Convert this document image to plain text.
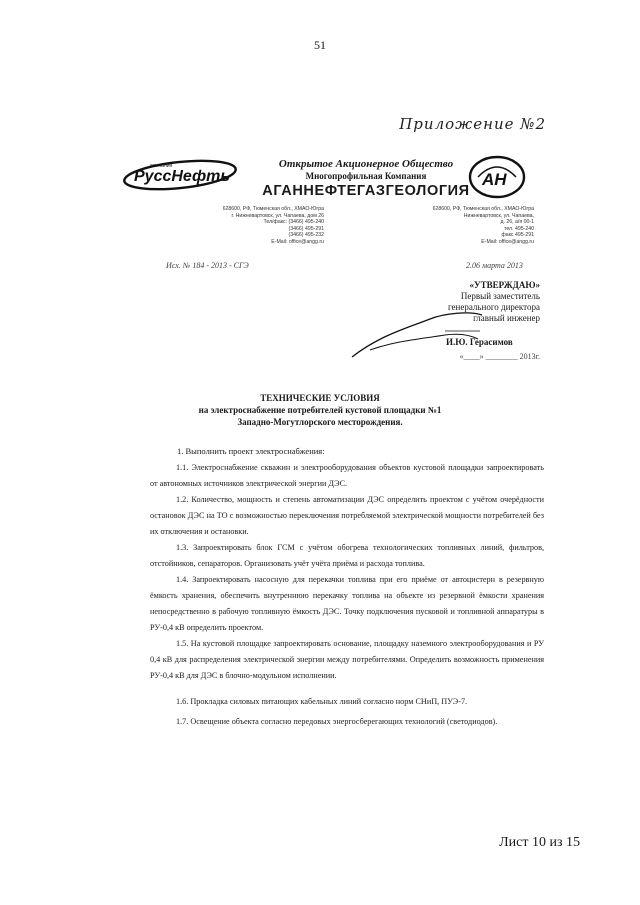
51
Приложение №2
компания
РуссНефть
Открытое Акционерное Общество
Многопрофильная Компания
АГАННЕФТЕГАЗГЕОЛОГИЯ
АН
628600, РФ, Тюменская обл., ХМАО-Югра
г. Нижневартовск, ул. Чапаева, дом 26
Тел/факс: (3466) 495-240
(3466) 495-291
(3466) 495-232
E-Mail: office@angg.ru
628600, РФ, Тюменская обл., ХМАО-Югра
Нижневартовск, ул. Чапаева,
д. 26, а/я 00-1
тел. 495-240
факс 495-291
E-Mail: office@angg.ru
Исх. № 184 - 2013 - СГЭ	2.06 марта 2013
«УТВЕРЖДАЮ»
Первый заместитель
генерального директора
главный инженер
И.Ю. Герасимов
«____» ________ 2013г.
ТЕХНИЧЕСКИЕ УСЛОВИЯ
на электроснабжение потребителей кустовой площадки №1
Западно-Могутлорского месторождения.
1. Выполнить проект электроснабжения:
1.1. Электроснабжение скважин и электрооборудования объектов кустовой площадки запроектировать от автономных источников электрической энергии ДЭС.
1.2. Количество, мощность и степень автоматизации ДЭС определить проектом с учётом очерёдности остановок ДЭС на ТО с возможностью переключения потребляемой электрической мощности потребителей без их отключения и остановки.
1.3. Запроектировать блок ГСМ с учётом обогрева технологических топливных линий, фильтров, отстойников, сепараторов. Организовать учёт учёта приёма и расхода топлива.
1.4. Запроектировать насосную для перекачки топлива при его приёме от автоцистерн в резервную ёмкость хранения, обеспечить внутреннюю перекачку топлива на объекте из резервной ёмкости хранения непосредственно в рабочую топливную ёмкость ДЭС. Точку подключения пусковой и топливной аппаратуры в РУ-0,4 кВ определить проектом.
1.5. На кустовой площадке запроектировать основание, площадку наземного электрооборудования и РУ 0,4 кВ для распределения электрической энергии между потребителями. Определить возможность применения РУ-0,4 кВ для ДЭС в блочно-модульном исполнении.
1.6. Прокладка силовых питающих кабельных линий согласно норм СНиП, ПУЭ-7.
1.7. Освещение объекта согласно передовых энергосберегающих технологий (светодиодов).
Лист 10 из 15
